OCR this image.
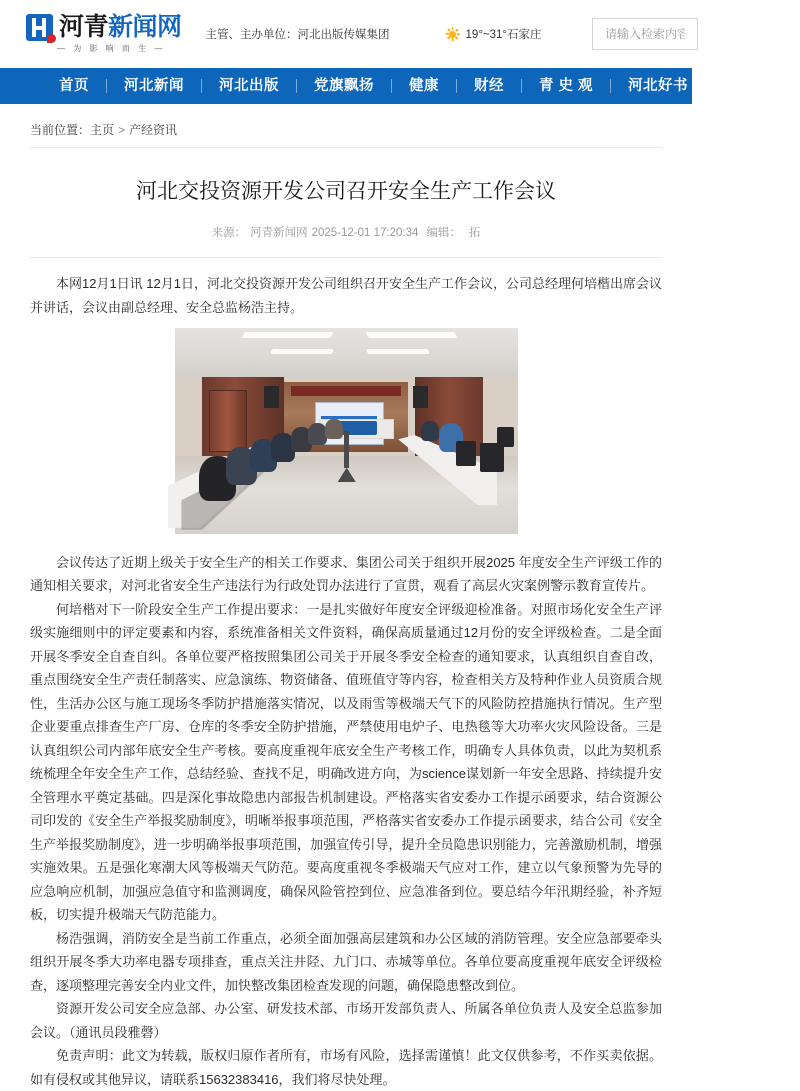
河青新闻网
— 为 影 响 而 生 —
主管、主办单位：河北出版传媒集团	19°~31°石家庄
请输入检索内容
首页	河北新闻	河北出版	党旗飘扬	健康	财经	青 史 观	河北好书	全民辟谣
当前位置：主页 > 产经资讯
河北交投资源开发公司召开安全生产工作会议
来源： 河青新闻网 2025-12-01 17:20:34 编辑： 拓

本网12月1日讯 12月1日，河北交投资源开发公司组织召开安全生产工作会议，公司总经理何培楷出席会议并讲话，会议由副总经理、安全总监杨浩主持。

会议传达了近期上级关于安全生产的相关工作要求、集团公司关于组织开展2025 年度安全生产评级工作的通知相关要求，对河北省安全生产违法行为行政处罚办法进行了宣贯，观看了高层火灾案例警示教育宣传片。

何培楷对下一阶段安全生产工作提出要求：一是扎实做好年度安全评级迎检准备。对照市场化安全生产评级实施细则中的评定要素和内容，系统准备相关文件资料，确保高质量通过12月份的安全评级检查。二是全面开展冬季安全自查自纠。各单位要严格按照集团公司关于开展冬季安全检查的通知要求，认真组织自查自改，重点围绕安全生产责任制落实、应急演练、物资储备、值班值守等内容，检查相关方及特种作业人员资质合规性，生活办公区与施工现场冬季防护措施落实情况，以及雨雪等极端天气下的风险防控措施执行情况。生产型企业要重点排查生产厂房、仓库的冬季安全防护措施，严禁使用电炉子、电热毯等大功率火灾风险设备。三是认真组织公司内部年底安全生产考核。要高度重视年底安全生产考核工作，明确专人具体负责，以此为契机系统梳理全年安全生产工作，总结经验、查找不足，明确改进方向，为science谋划新一年安全思路、持续提升安全管理水平奠定基础。四是深化事故隐患内部报告机制建设。严格落实省安委办工作提示函要求，结合资源公司印发的《安全生产举报奖励制度》，明晰举报事项范围，严格落实省安委办工作提示函要求，结合公司《安全生产举报奖励制度》，进一步明确举报事项范围，加强宣传引导，提升全员隐患识别能力，完善激励机制，增强实施效果。五是强化寒潮大风等极端天气防范。要高度重视冬季极端天气应对工作，建立以气象预警为先导的应急响应机制，加强应急值守和监测调度，确保风险管控到位、应急准备到位。要总结今年汛期经验，补齐短板，切实提升极端天气防范能力。

杨浩强调，消防安全是当前工作重点，必须全面加强高层建筑和办公区域的消防管理。安全应急部要牵头组织开展冬季大功率电器专项排查，重点关注井陉、九门口、赤城等单位。各单位要高度重视年底安全评级检查，逐项整理完善安全内业文件，加快整改集团检查发现的问题，确保隐患整改到位。

资源开发公司安全应急部、办公室、研发技术部、市场开发部负责人、所属各单位负责人及安全总监参加会议。（通讯员段雅磬）

免责声明：此文为转载，版权归原作者所有，市场有风险，选择需谨慎！此文仅供参考，不作买卖依据。如有侵权或其他异议，请联系15632383416，我们将尽快处理。
